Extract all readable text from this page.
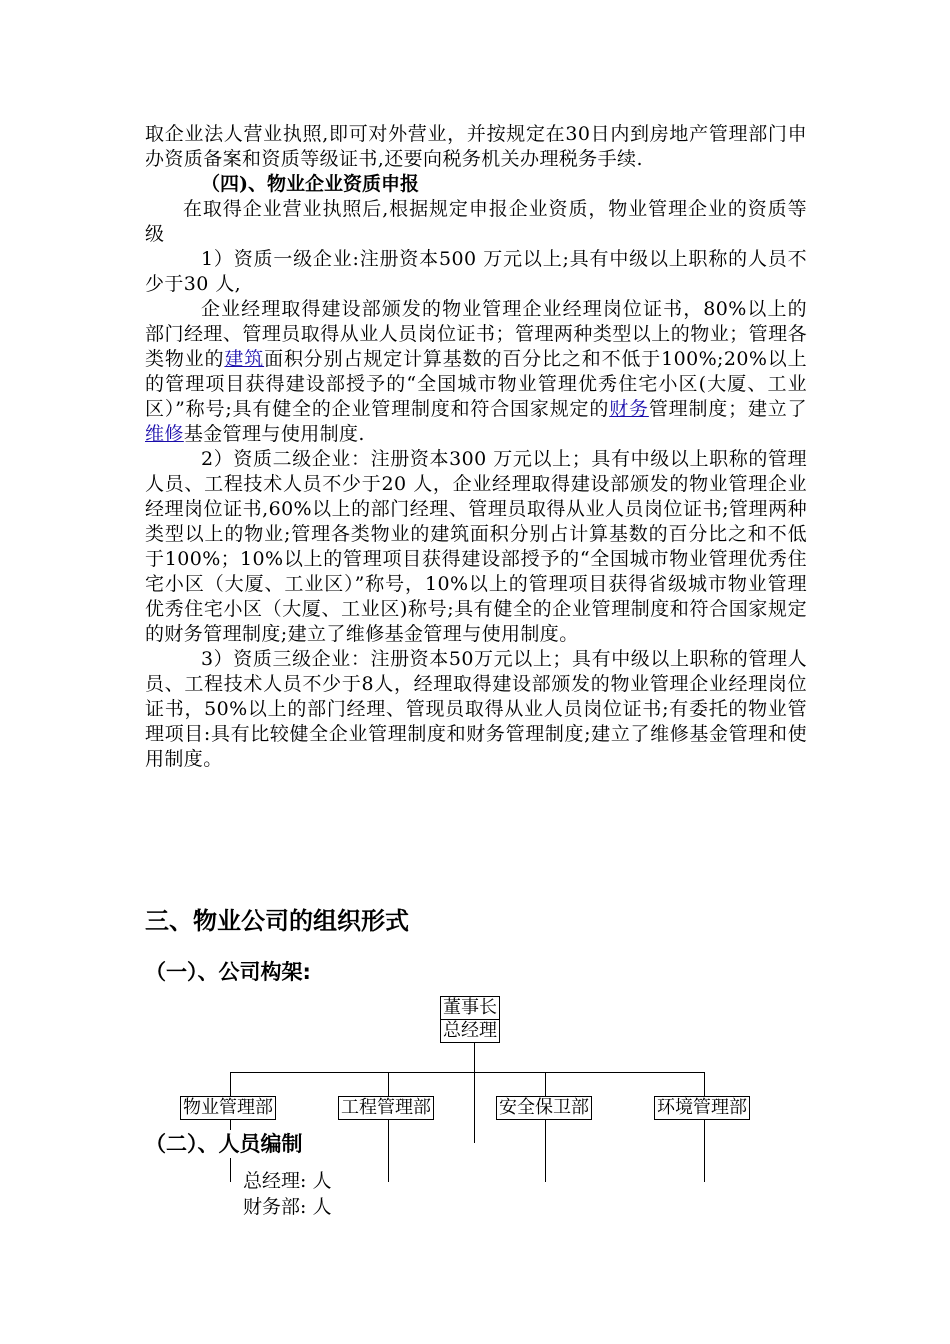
取企业法人营业执照,即可对外营业，并按规定在30日内到房地产管理部门申办资质备案和资质等级证书,还要向税务机关办理税务手续.

（四)、物业企业资质申报

在取得企业营业执照后,根据规定申报企业资质，物业管理企业的资质等级

1）资质一级企业:注册资本500 万元以上;具有中级以上职称的人员不少于30 人,

企业经理取得建设部颁发的物业管理企业经理岗位证书，80%以上的部门经理、管理员取得从业人员岗位证书；管理两种类型以上的物业；管理各类物业的建筑面积分别占规定计算基数的百分比之和不低于100%;20%以上的管理项目获得建设部授予的“全国城市物业管理优秀住宅小区(大厦、工业区）”称号;具有健全的企业管理制度和符合国家规定的财务管理制度；建立了维修基金管理与使用制度.

2）资质二级企业：注册资本300 万元以上；具有中级以上职称的管理人员、工程技术人员不少于20 人，企业经理取得建设部颁发的物业管理企业经理岗位证书,60%以上的部门经理、管理员取得从业人员岗位证书;管理两种类型以上的物业;管理各类物业的建筑面积分别占计算基数的百分比之和不低于100%；10%以上的管理项目获得建设部授予的“全国城市物业管理优秀住宅小区（大厦、工业区）”称号，10%以上的管理项目获得省级城市物业管理优秀住宅小区（大厦、工业区)称号;具有健全的企业管理制度和符合国家规定的财务管理制度;建立了维修基金管理与使用制度。

3）资质三级企业：注册资本50万元以上；具有中级以上职称的管理人员、工程技术人员不少于8人，经理取得建设部颁发的物业管理企业经理岗位证书，50%以上的部门经理、管现员取得从业人员岗位证书;有委托的物业管理项目:具有比较健全企业管理制度和财务管理制度;建立了维修基金管理和使用制度。

三、物业公司的组织形式
（一）、公司构架:
董事长
总经理
物业管理部	工程管理部	安全保卫部	环境管理部
（二）、人员编制

总经理: 人

财务部: 人
